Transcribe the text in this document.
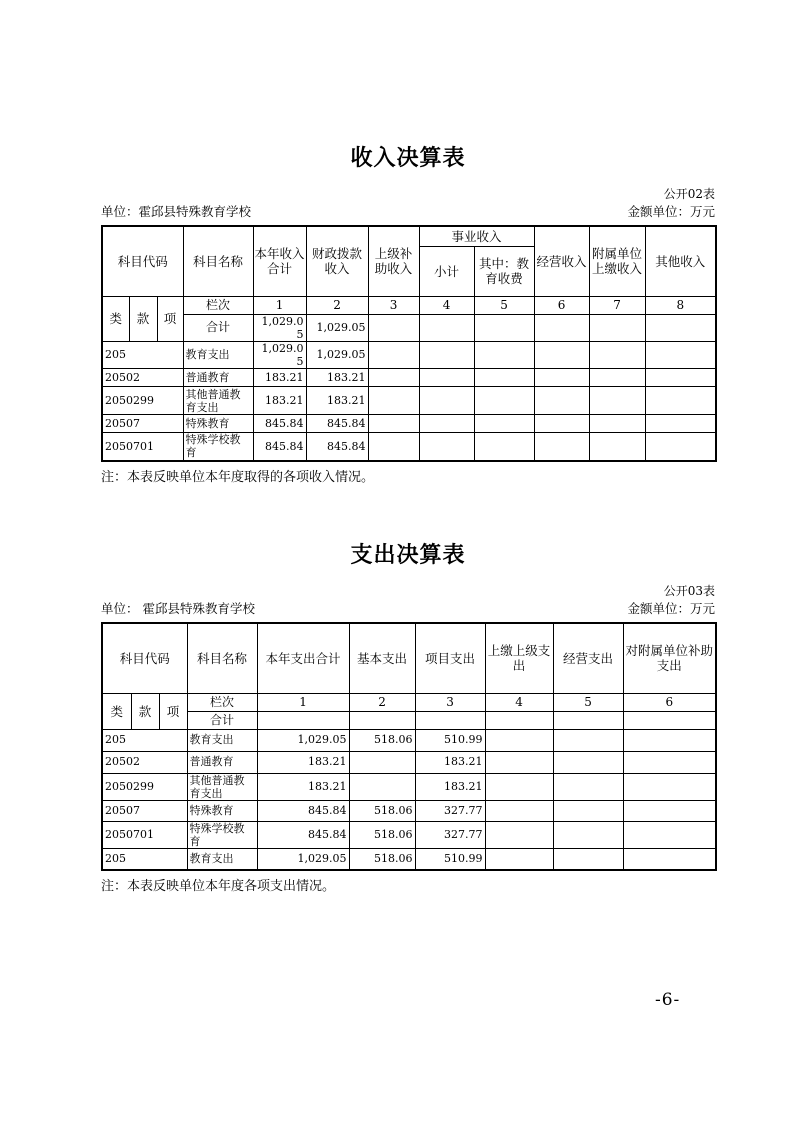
收入决算表
公开02表
单位：霍邱县特殊教育学校	金额单位：万元
科目代码			科目名称	本年收入合计	财政拨款收入	上级补助收入	事业收入		经营收入	附属单位上缴收入	其他收入
							小计	其中：教育收费			
类	款	项	栏次	1	2	3	4	5	6	7	8
			合计	1,029.05	1,029.05						
205			教育支出	1,029.05	1,029.05						
20502			普通教育	183.21	183.21						
2050299			其他普通教育支出	183.21	183.21						
20507			特殊教育	845.84	845.84						
2050701			特殊学校教育	845.84	845.84						
注：本表反映单位本年度取得的各项收入情况。
支出决算表
公开03表
单位： 霍邱县特殊教育学校	金额单位：万元
科目代码			科目名称	本年支出合计	基本支出	项目支出	上缴上级支出	经营支出	对附属单位补助支出
类	款	项	栏次	1	2	3	4	5	6
			合计						
205			教育支出	1,029.05	518.06	510.99			
20502			普通教育	183.21		183.21			
2050299			其他普通教育支出	183.21		183.21			
20507			特殊教育	845.84	518.06	327.77			
2050701			特殊学校教育	845.84	518.06	327.77			
205			教育支出	1,029.05	518.06	510.99			
注：本表反映单位本年度各项支出情况。
-6-
